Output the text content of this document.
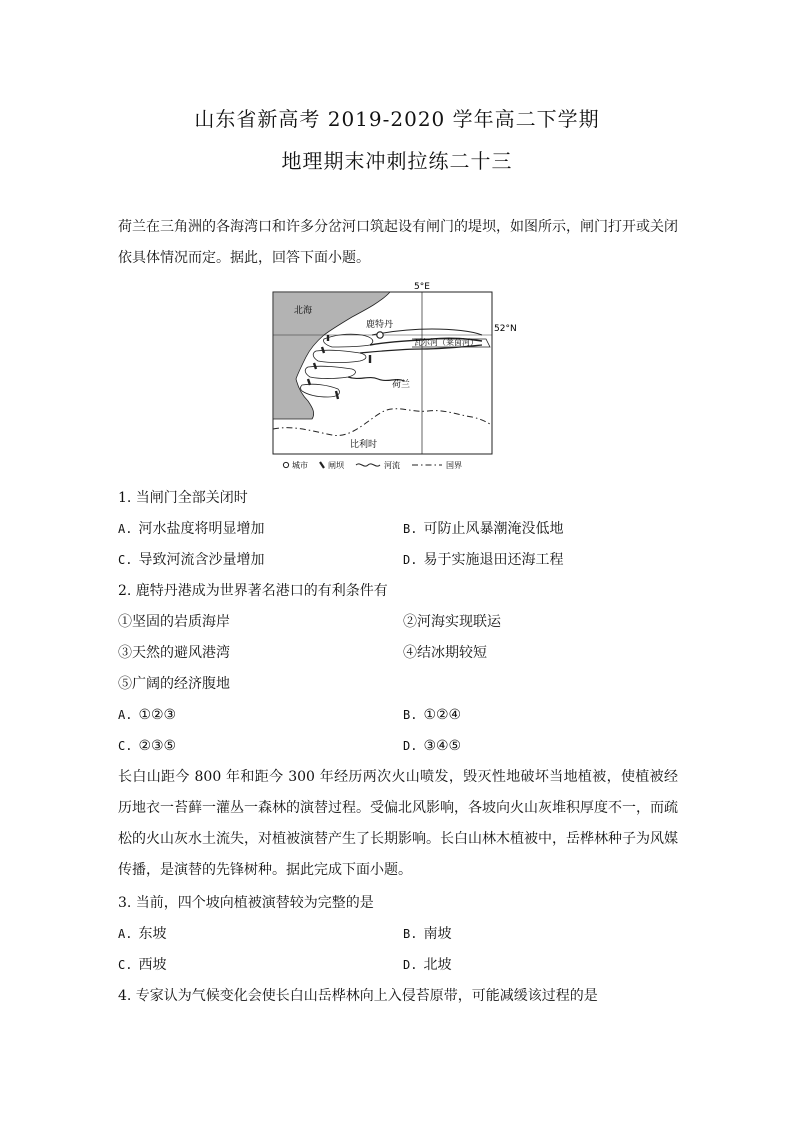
山东省新高考 2019-2020 学年高二下学期
地理期末冲刺拉练二十三
荷兰在三角洲的各海湾口和许多分岔河口筑起设有闸门的堤坝，如图所示，闸门打开或关闭依具体情况而定。据此，回答下面小题。
5°E
52°N
北海
鹿特丹
瓦尔河（莱茵河）
荷兰
比利时
城市	闸坝	河流	国界
1. 当闸门全部关闭时
A. 河水盐度将明显增加	B. 可防止风暴潮淹没低地
C. 导致河流含沙量增加	D. 易于实施退田还海工程
2. 鹿特丹港成为世界著名港口的有利条件有
①坚固的岩质海岸	②河海实现联运
③天然的避风港湾	④结冰期较短
⑤广阔的经济腹地
A. ①②③	B. ①②④
C. ②③⑤	D. ③④⑤
长白山距今 800 年和距今 300 年经历两次火山喷发，毁灭性地破坏当地植被，使植被经历地衣一苔藓一灌丛一森林的演替过程。受偏北风影响，各坡向火山灰堆积厚度不一，而疏松的火山灰水土流失，对植被演替产生了长期影响。长白山林木植被中，岳桦林种子为风媒传播，是演替的先锋树种。据此完成下面小题。
3. 当前，四个坡向植被演替较为完整的是
A. 东坡	B. 南坡
C. 西坡	D. 北坡
4. 专家认为气候变化会使长白山岳桦林向上入侵苔原带，可能减缓该过程的是
